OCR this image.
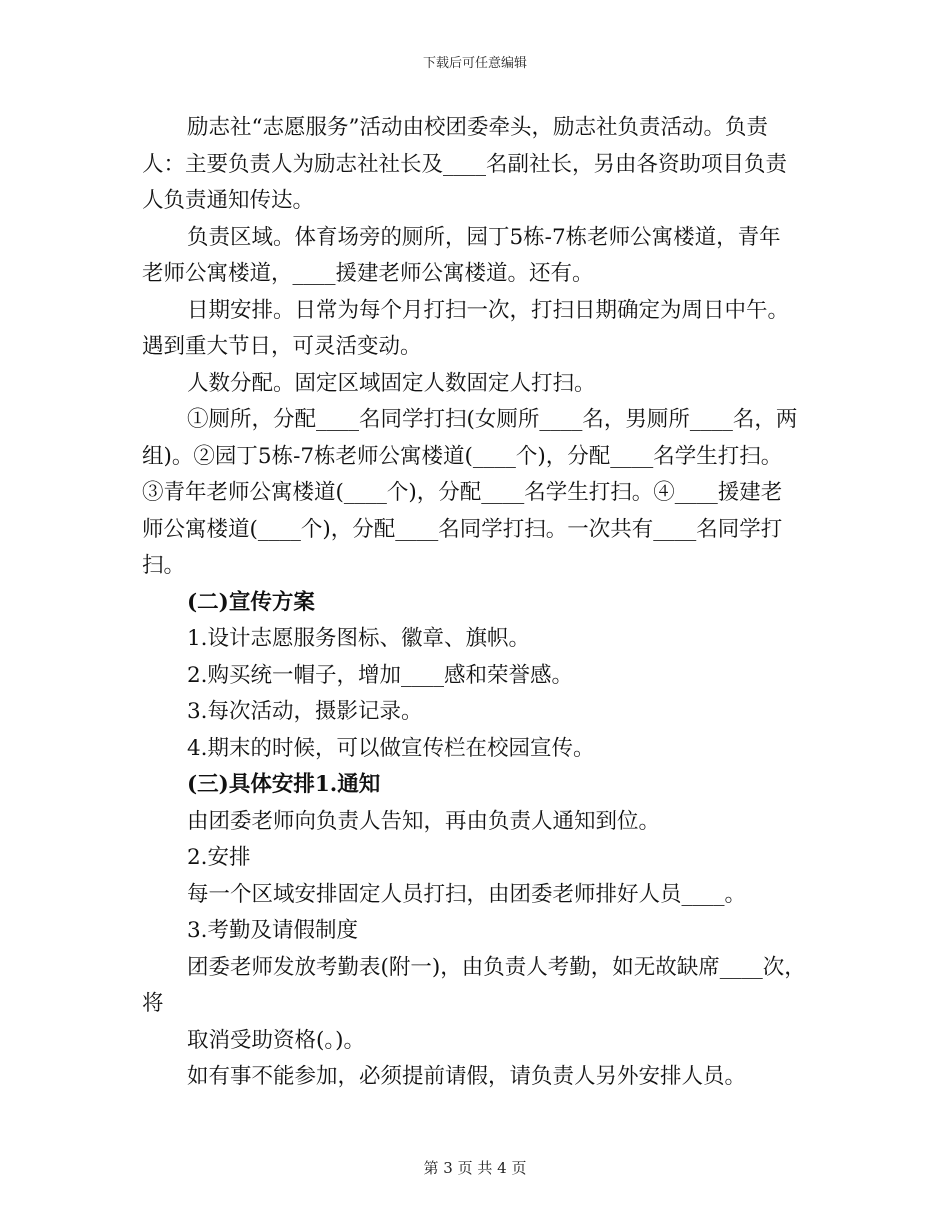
下载后可任意编辑
励志社“志愿服务”活动由校团委牵头，励志社负责活动。负责
人：主要负责人为励志社社长及____名副社长，另由各资助项目负责
人负责通知传达。
负责区域。体育场旁的厕所，园丁5栋-7栋老师公寓楼道，青年
老师公寓楼道，____援建老师公寓楼道。还有。
日期安排。日常为每个月打扫一次，打扫日期确定为周日中午。
遇到重大节日，可灵活变动。
人数分配。固定区域固定人数固定人打扫。
①厕所，分配____名同学打扫(女厕所____名，男厕所____名，两
组)。②园丁5栋-7栋老师公寓楼道(____个)，分配____名学生打扫。
③青年老师公寓楼道(____个)，分配____名学生打扫。④____援建老
师公寓楼道(____个)，分配____名同学打扫。一次共有____名同学打
扫。
(二)宣传方案
1.设计志愿服务图标、徽章、旗帜。
2.购买统一帽子，增加____感和荣誉感。
3.每次活动，摄影记录。
4.期末的时候，可以做宣传栏在校园宣传。
(三)具体安排1.通知
由团委老师向负责人告知，再由负责人通知到位。
2.安排
每一个区域安排固定人员打扫，由团委老师排好人员____。
3.考勤及请假制度
团委老师发放考勤表(附一)，由负责人考勤，如无故缺席____次，
将
取消受助资格(。)。
如有事不能参加，必须提前请假，请负责人另外安排人员。
第 3 页 共 4 页
